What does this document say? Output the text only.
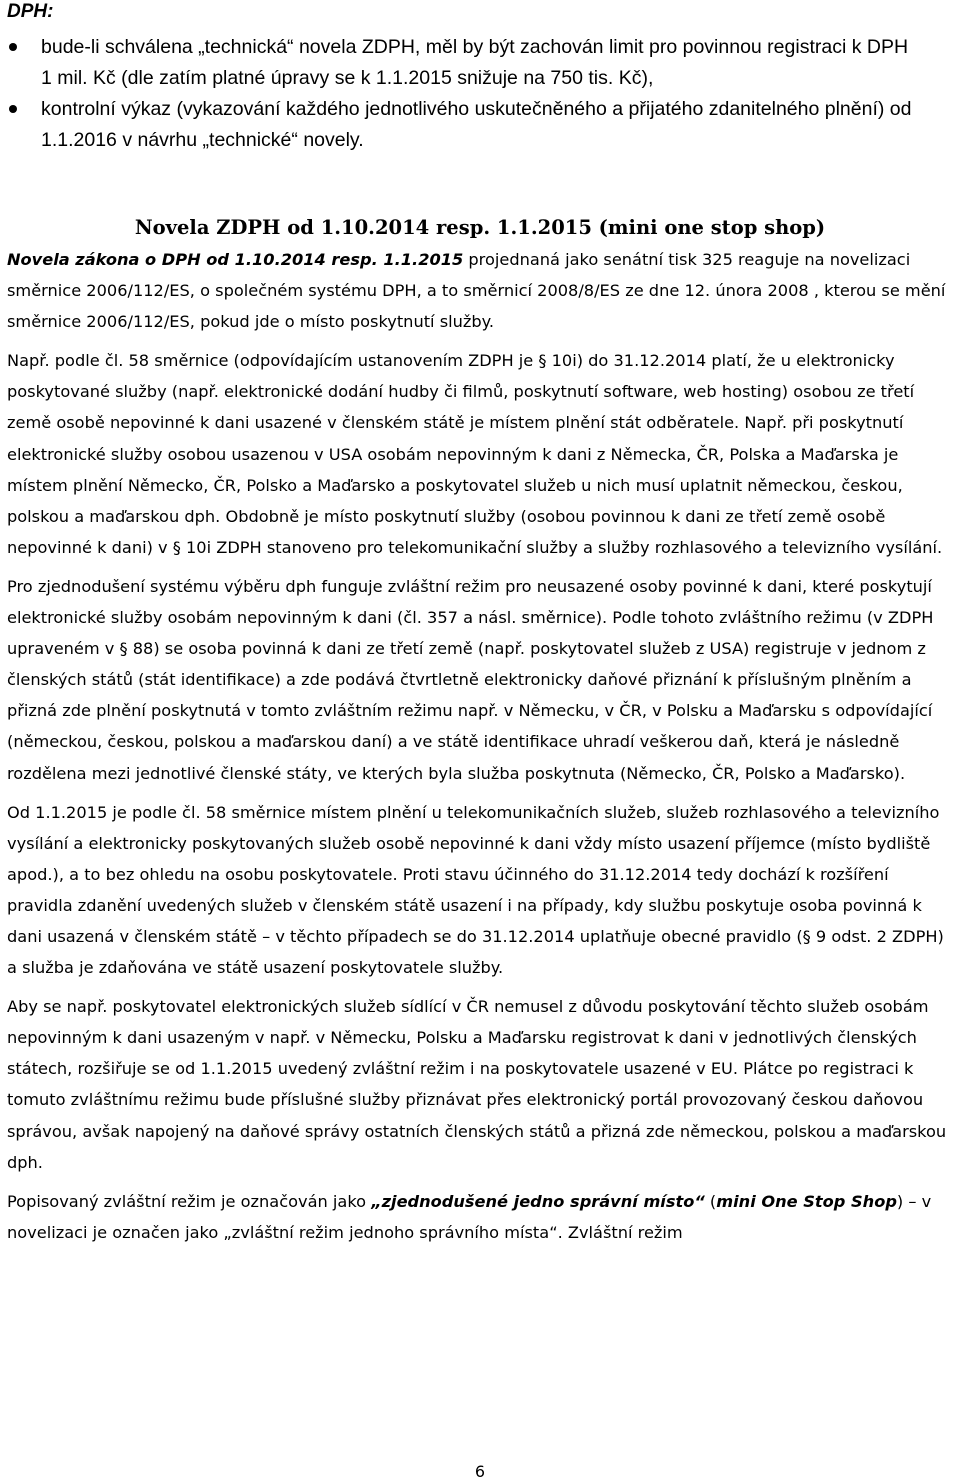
DPH:
bude-li schválena „technická“ novela ZDPH, měl by být zachován limit pro povinnou registraci k DPH 1 mil. Kč (dle zatím platné úpravy se k 1.1.2015 snižuje na 750 tis. Kč),
kontrolní výkaz (vykazování každého jednotlivého uskutečněného a přijatého zdanitelného plnění) od 1.1.2016 v návrhu „technické“ novely.
Novela ZDPH od 1.10.2014 resp. 1.1.2015 (mini one stop shop)

Novela zákona o DPH od 1.10.2014 resp. 1.1.2015 projednaná jako senátní tisk 325 reaguje na novelizaci směrnice 2006/112/ES, o společném systému DPH, a to směrnicí 2008/8/ES ze dne 12. února 2008 , kterou se mění směrnice 2006/112/ES, pokud jde o místo poskytnutí služby.

Např. podle čl. 58 směrnice (odpovídajícím ustanovením ZDPH je § 10i) do 31.12.2014 platí, že u elektronicky poskytované služby (např. elektronické dodání hudby či filmů, poskytnutí software, web hosting) osobou ze třetí země osobě nepovinné k dani usazené v členském státě je místem plnění stát odběratele. Např. při poskytnutí elektronické služby osobou usazenou v USA osobám nepovinným k dani z Německa, ČR, Polska a Maďarska je místem plnění Německo, ČR, Polsko a Maďarsko a poskytovatel služeb u nich musí uplatnit německou, českou, polskou a maďarskou dph. Obdobně je místo poskytnutí služby (osobou povinnou k dani ze třetí země osobě nepovinné k dani) v § 10i ZDPH stanoveno pro telekomunikační služby a služby rozhlasového a televizního vysílání.

Pro zjednodušení systému výběru dph funguje zvláštní režim pro neusazené osoby povinné k dani, které poskytují elektronické služby osobám nepovinným k dani (čl. 357 a násl. směrnice). Podle tohoto zvláštního režimu (v ZDPH upraveném v § 88) se osoba povinná k dani ze třetí země (např. poskytovatel služeb z USA) registruje v jednom z členských států (stát identifikace) a zde podává čtvrtletně elektronicky daňové přiznání k příslušným plněním a přizná zde plnění poskytnutá v tomto zvláštním režimu např. v Německu, v ČR, v Polsku a Maďarsku s odpovídající (německou, českou, polskou a maďarskou daní) a ve státě identifikace uhradí veškerou daň, která je následně rozdělena mezi jednotlivé členské státy, ve kterých byla služba poskytnuta (Německo, ČR, Polsko a Maďarsko).

Od 1.1.2015 je podle čl. 58 směrnice místem plnění u telekomunikačních služeb, služeb rozhlasového a televizního vysílání a elektronicky poskytovaných služeb osobě nepovinné k dani vždy místo usazení příjemce (místo bydliště apod.), a to bez ohledu na osobu poskytovatele. Proti stavu účinného do 31.12.2014 tedy dochází k rozšíření pravidla zdanění uvedených služeb v členském státě usazení i na případy, kdy službu poskytuje osoba povinná k dani usazená v členském státě – v těchto případech se do 31.12.2014 uplatňuje obecné pravidlo (§ 9 odst. 2 ZDPH) a služba je zdaňována ve státě usazení poskytovatele služby.

Aby se např. poskytovatel elektronických služeb sídlící v ČR nemusel z důvodu poskytování těchto služeb osobám nepovinným k dani usazeným v např. v Německu, Polsku a Maďarsku registrovat k dani v jednotlivých členských státech, rozšiřuje se od 1.1.2015 uvedený zvláštní režim i na poskytovatele usazené v EU. Plátce po registraci k tomuto zvláštnímu režimu bude příslušné služby přiznávat přes elektronický portál provozovaný českou daňovou správou, avšak napojený na daňové správy ostatních členských států a přizná zde německou, polskou a maďarskou dph.

Popisovaný zvláštní režim je označován jako „zjednodušené jedno správní místo“ (mini One Stop Shop) – v novelizaci je označen jako „zvláštní režim jednoho správního místa“. Zvláštní režim

6
